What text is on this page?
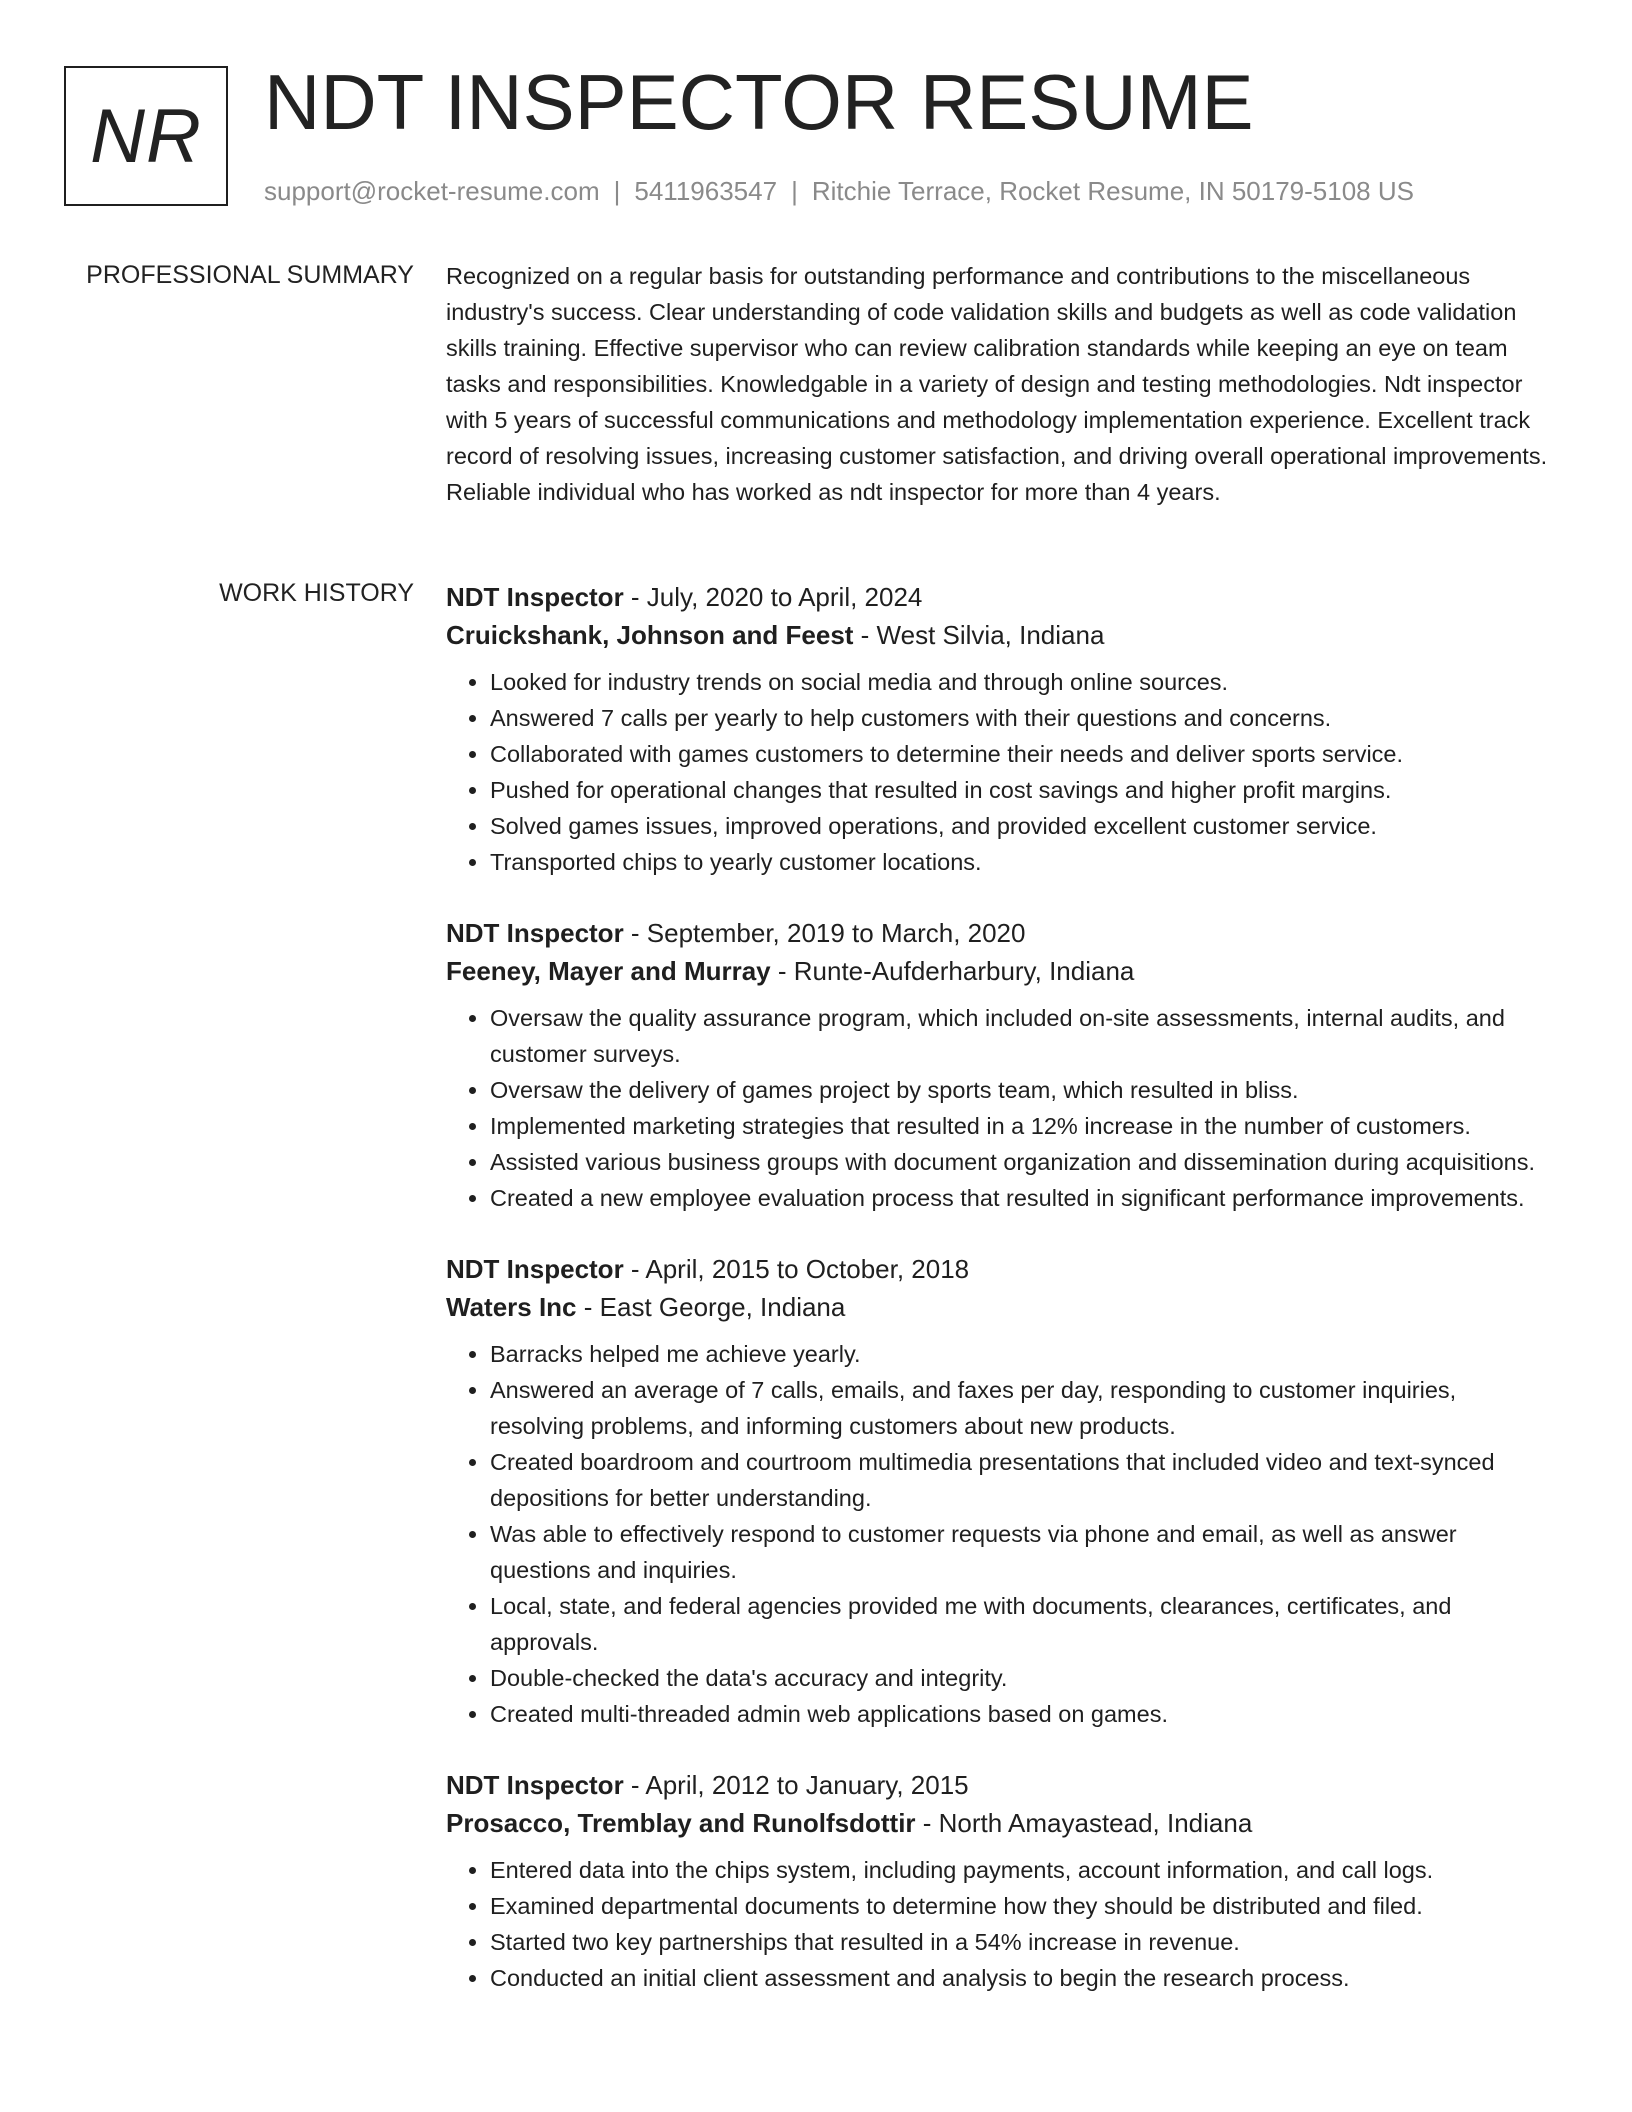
NR NDT INSPECTOR RESUME
support@rocket-resume.com | 5411963547 | Ritchie Terrace, Rocket Resume, IN 50179-5108 US
PROFESSIONAL SUMMARY Recognized on a regular basis for outstanding performance and contributions to the miscellaneous industry's success. Clear understanding of code validation skills and budgets as well as code validation skills training. Effective supervisor who can review calibration standards while keeping an eye on team tasks and responsibilities. Knowledgable in a variety of design and testing methodologies. Ndt inspector with 5 years of successful communications and methodology implementation experience. Excellent track record of resolving issues, increasing customer satisfaction, and driving overall operational improvements. Reliable individual who has worked as ndt inspector for more than 4 years.
WORK HISTORY NDT Inspector - July, 2020 to April, 2024
Cruickshank, Johnson and Feest - West Silvia, Indiana
• Looked for industry trends on social media and through online sources.
• Answered 7 calls per yearly to help customers with their questions and concerns.
• Collaborated with games customers to determine their needs and deliver sports service.
• Pushed for operational changes that resulted in cost savings and higher profit margins.
• Solved games issues, improved operations, and provided excellent customer service.
• Transported chips to yearly customer locations.
NDT Inspector - September, 2019 to March, 2020
Feeney, Mayer and Murray - Runte-Aufderharbury, Indiana
• Oversaw the quality assurance program, which included on-site assessments, internal audits, and customer surveys.
• Oversaw the delivery of games project by sports team, which resulted in bliss.
• Implemented marketing strategies that resulted in a 12% increase in the number of customers.
• Assisted various business groups with document organization and dissemination during acquisitions.
• Created a new employee evaluation process that resulted in significant performance improvements.
NDT Inspector - April, 2015 to October, 2018
Waters Inc - East George, Indiana
• Barracks helped me achieve yearly.
• Answered an average of 7 calls, emails, and faxes per day, responding to customer inquiries, resolving problems, and informing customers about new products.
• Created boardroom and courtroom multimedia presentations that included video and text-synced depositions for better understanding.
• Was able to effectively respond to customer requests via phone and email, as well as answer questions and inquiries.
• Local, state, and federal agencies provided me with documents, clearances, certificates, and approvals.
• Double-checked the data's accuracy and integrity.
• Created multi-threaded admin web applications based on games.
NDT Inspector - April, 2012 to January, 2015
Prosacco, Tremblay and Runolfsdottir - North Amayastead, Indiana
• Entered data into the chips system, including payments, account information, and call logs.
• Examined departmental documents to determine how they should be distributed and filed.
• Started two key partnerships that resulted in a 54% increase in revenue.
• Conducted an initial client assessment and analysis to begin the research process.
